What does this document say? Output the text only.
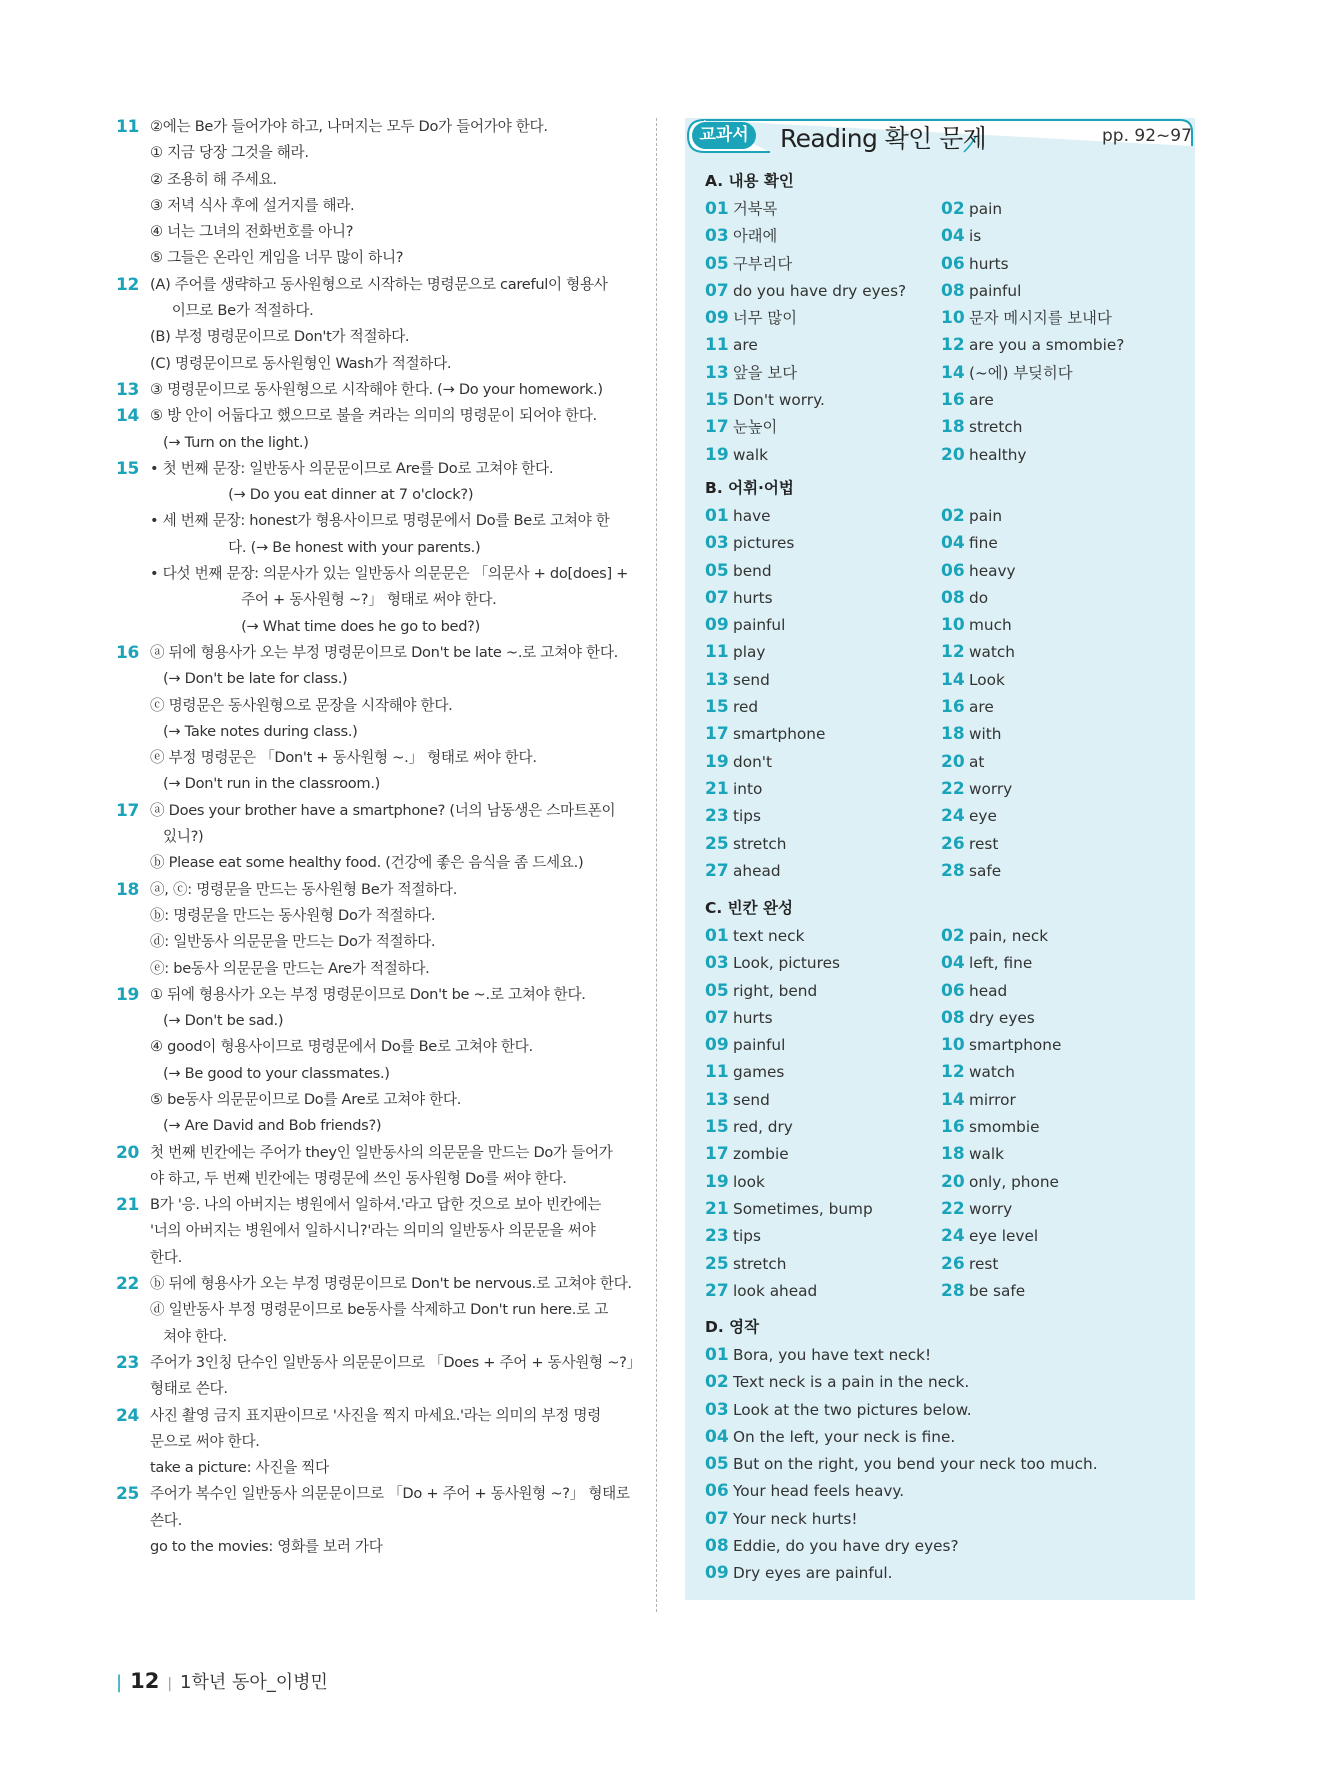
11 ②에는 Be가 들어가야 하고, 나머지는 모두 Do가 들어가야 한다.
① 지금 당장 그것을 해라.
② 조용히 해 주세요.
③ 저녁 식사 후에 설거지를 해라.
④ 너는 그녀의 전화번호를 아니?
⑤ 그들은 온라인 게임을 너무 많이 하니?
12 (A) 주어를 생략하고 동사원형으로 시작하는 명령문으로 careful이 형용사
이므로 Be가 적절하다.
(B) 부정 명령문이므로 Don't가 적절하다.
(C) 명령문이므로 동사원형인 Wash가 적절하다.
13 ③ 명령문이므로 동사원형으로 시작해야 한다. (→ Do your homework.)
14 ⑤ 방 안이 어둡다고 했으므로 불을 켜라는 의미의 명령문이 되어야 한다.
(→ Turn on the light.)
15 • 첫 번째 문장: 일반동사 의문문이므로 Are를 Do로 고쳐야 한다.
(→ Do you eat dinner at 7 o'clock?)
• 세 번째 문장: honest가 형용사이므로 명령문에서 Do를 Be로 고쳐야 한
다. (→ Be honest with your parents.)
• 다섯 번째 문장: 의문사가 있는 일반동사 의문문은 「의문사 + do[does] +
주어 + 동사원형 ~?」 형태로 써야 한다.
(→ What time does he go to bed?)
16 ⓐ 뒤에 형용사가 오는 부정 명령문이므로 Don't be late ~.로 고쳐야 한다.
(→ Don't be late for class.)
ⓒ 명령문은 동사원형으로 문장을 시작해야 한다.
(→ Take notes during class.)
ⓔ 부정 명령문은 「Don't + 동사원형 ~.」 형태로 써야 한다.
(→ Don't run in the classroom.)
17 ⓐ Does your brother have a smartphone? (너의 남동생은 스마트폰이
있니?)
ⓑ Please eat some healthy food. (건강에 좋은 음식을 좀 드세요.)
18 ⓐ, ⓒ: 명령문을 만드는 동사원형 Be가 적절하다.
ⓑ: 명령문을 만드는 동사원형 Do가 적절하다.
ⓓ: 일반동사 의문문을 만드는 Do가 적절하다.
ⓔ: be동사 의문문을 만드는 Are가 적절하다.
19 ① 뒤에 형용사가 오는 부정 명령문이므로 Don't be ~.로 고쳐야 한다.
(→ Don't be sad.)
④ good이 형용사이므로 명령문에서 Do를 Be로 고쳐야 한다.
(→ Be good to your classmates.)
⑤ be동사 의문문이므로 Do를 Are로 고쳐야 한다.
(→ Are David and Bob friends?)
20 첫 번째 빈칸에는 주어가 they인 일반동사의 의문문을 만드는 Do가 들어가
야 하고, 두 번째 빈칸에는 명령문에 쓰인 동사원형 Do를 써야 한다.
21 B가 '응. 나의 아버지는 병원에서 일하셔.'라고 답한 것으로 보아 빈칸에는
'너의 아버지는 병원에서 일하시니?'라는 의미의 일반동사 의문문을 써야
한다.
22 ⓑ 뒤에 형용사가 오는 부정 명령문이므로 Don't be nervous.로 고쳐야 한다.
ⓓ 일반동사 부정 명령문이므로 be동사를 삭제하고 Don't run here.로 고
쳐야 한다.
23 주어가 3인칭 단수인 일반동사 의문문이므로 「Does + 주어 + 동사원형 ~?」
형태로 쓴다.
24 사진 촬영 금지 표지판이므로 '사진을 찍지 마세요.'라는 의미의 부정 명령
문으로 써야 한다.
take a picture: 사진을 찍다
25 주어가 복수인 일반동사 의문문이므로 「Do + 주어 + 동사원형 ~?」 형태로
쓴다.
go to the movies: 영화를 보러 가다
교과서 Reading 확인 문제	pp. 92~97
A. 내용 확인
01 거북목	02 pain
03 아래에	04 is
05 구부리다	06 hurts
07 do you have dry eyes? 08 painful
09 너무 많이	10 문자 메시지를 보내다
11 are	12 are you a smombie?
13 앞을 보다	14 (~에) 부딪히다
15 Don't worry.	16 are
17 눈높이	18 stretch
19 walk	20 healthy
B. 어휘·어법
01 have	02 pain
03 pictures	04 fine
05 bend	06 heavy
07 hurts	08 do
09 painful	10 much
11 play	12 watch
13 send	14 Look
15 red	16 are
17 smartphone	18 with
19 don't	20 at
21 into	22 worry
23 tips	24 eye
25 stretch	26 rest
27 ahead	28 safe
C. 빈칸 완성
01 text neck	02 pain, neck
03 Look, pictures	04 left, fine
05 right, bend	06 head
07 hurts	08 dry eyes
09 painful	10 smartphone
11 games	12 watch
13 send	14 mirror
15 red, dry	16 smombie
17 zombie	18 walk
19 look	20 only, phone
21 Sometimes, bump	22 worry
23 tips	24 eye level
25 stretch	26 rest
27 look ahead	28 be safe
D. 영작
01 Bora, you have text neck!
02 Text neck is a pain in the neck.
03 Look at the two pictures below.
04 On the left, your neck is fine.
05 But on the right, you bend your neck too much.
06 Your head feels heavy.
07 Your neck hurts!
08 Eddie, do you have dry eyes?
09 Dry eyes are painful.
| 12 | 1학년 동아_이병민
